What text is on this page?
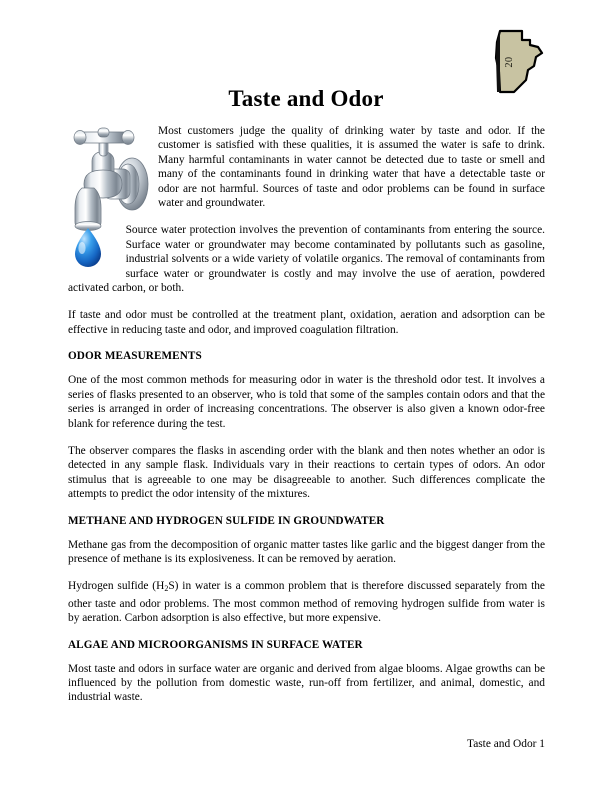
20
Taste and Odor

Most customers judge the quality of drinking water by taste and odor. If the customer is satisfied with these qualities, it is assumed the water is safe to drink. Many harmful contaminants in water cannot be detected due to taste or smell and many of the contaminants found in drinking water that have a detectable taste or odor are not harmful. Sources of taste and odor problems can be found in surface water and groundwater.

Source water protection involves the prevention of contaminants from entering the source. Surface water or groundwater may become contaminated by pollutants such as gasoline, industrial solvents or a wide variety of volatile organics. The removal of contaminants from surface water or groundwater is costly and may involve the use of aeration, powdered activated carbon, or both.

If taste and odor must be controlled at the treatment plant, oxidation, aeration and adsorption can be effective in reducing taste and odor, and improved coagulation filtration.

ODOR MEASUREMENTS

One of the most common methods for measuring odor in water is the threshold odor test. It involves a series of flasks presented to an observer, who is told that some of the samples contain odors and that the series is arranged in order of increasing concentrations. The observer is also given a known odor-free blank for reference during the test.

The observer compares the flasks in ascending order with the blank and then notes whether an odor is detected in any sample flask. Individuals vary in their reactions to certain types of odors. An odor stimulus that is agreeable to one may be disagreeable to another. Such differences complicate the attempts to predict the odor intensity of the mixtures.

METHANE AND HYDROGEN SULFIDE IN GROUNDWATER

Methane gas from the decomposition of organic matter tastes like garlic and the biggest danger from the presence of methane is its explosiveness. It can be removed by aeration.

Hydrogen sulfide $(H_2S)$ in water is a common problem that is therefore discussed separately from the other taste and odor problems. The most common method of removing hydrogen sulfide from water is by aeration. Carbon adsorption is also effective, but more expensive.

ALGAE AND MICROORGANISMS IN SURFACE WATER

Most taste and odors in surface water are organic and derived from algae blooms. Algae growths can be influenced by the pollution from domestic waste, run-off from fertilizer, and animal, domestic, and industrial waste.

Taste and Odor 1
